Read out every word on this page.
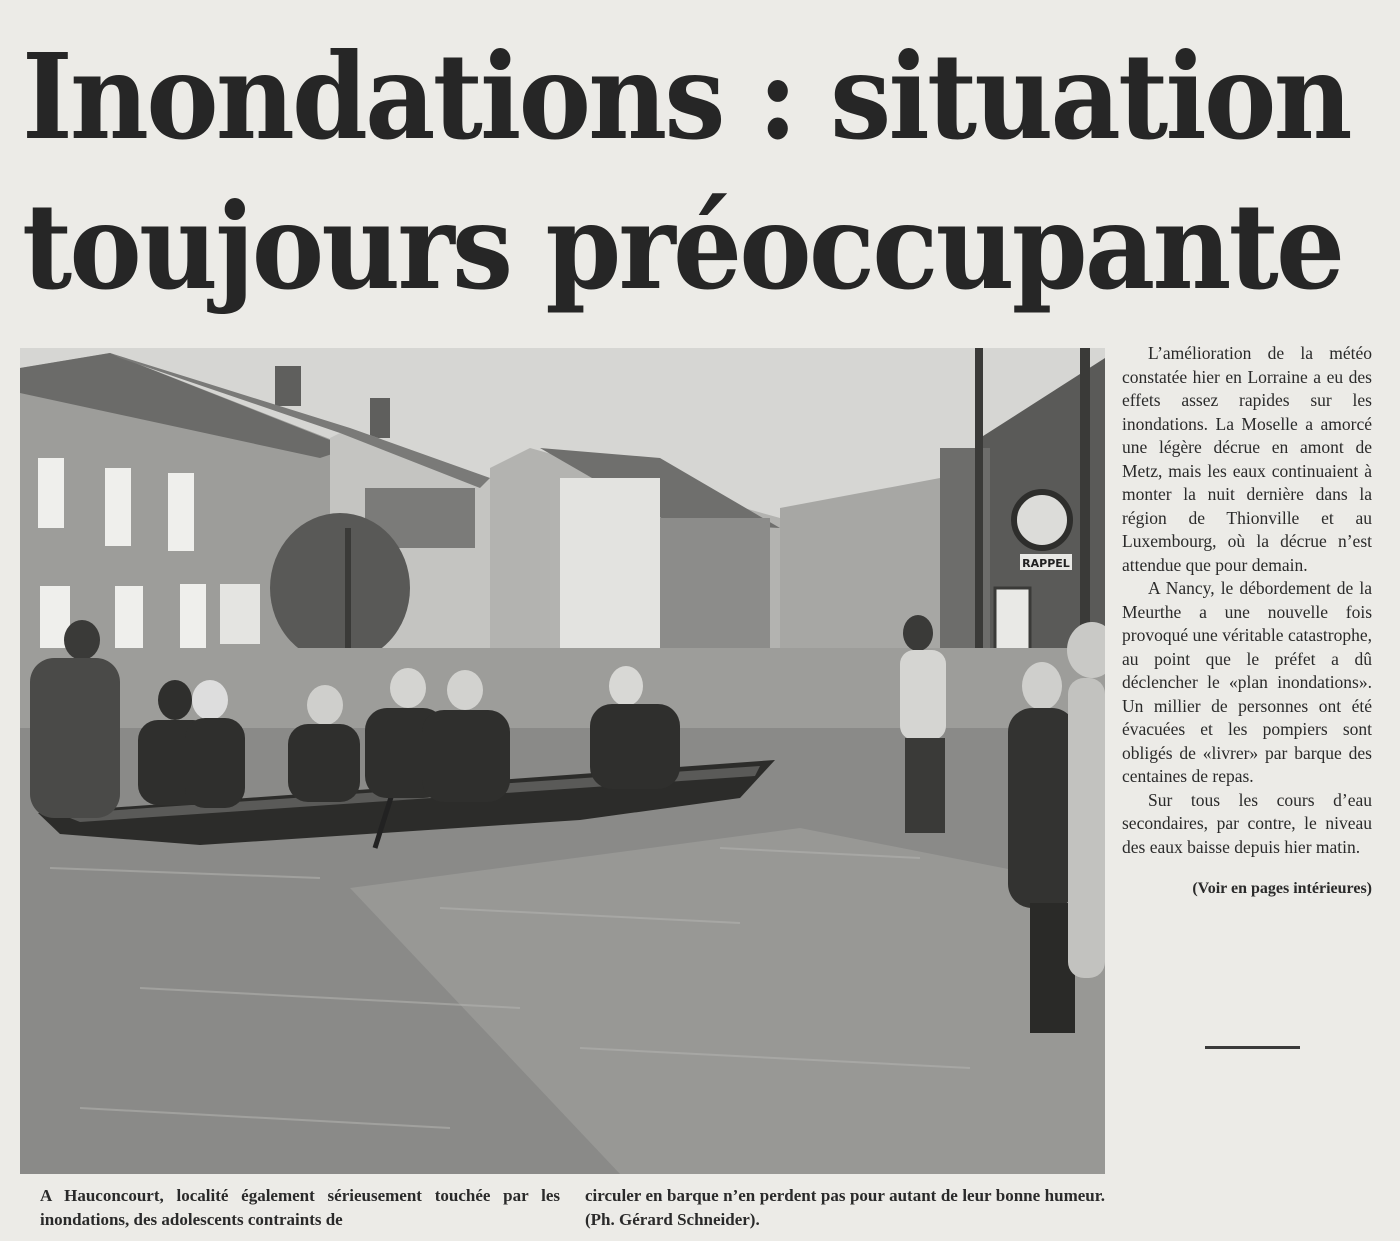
Inondations : situation
toujours préoccupante
RAPPEL

L’amélioration de la météo constatée hier en Lorraine a eu des effets assez rapides sur les inondations. La Moselle a amorcé une légère décrue en amont de Metz, mais les eaux continuaient à monter la nuit dernière dans la région de Thionville et au Luxembourg, où la décrue n’est attendue que pour demain.

A Nancy, le débordement de la Meurthe a une nouvelle fois provoqué une véritable catastrophe, au point que le préfet a dû déclencher le «plan inondations». Un millier de personnes ont été évacuées et les pompiers sont obligés de «livrer» par barque des centaines de repas.

Sur tous les cours d’eau secondaires, par contre, le niveau des eaux baisse depuis hier matin.

(Voir en pages intérieures)

A Hauconcourt, localité également sérieusement touchée par les inondations, des adolescents contraints de

circuler en barque n’en perdent pas pour autant de leur bonne humeur. (Ph. Gérard Schneider).
